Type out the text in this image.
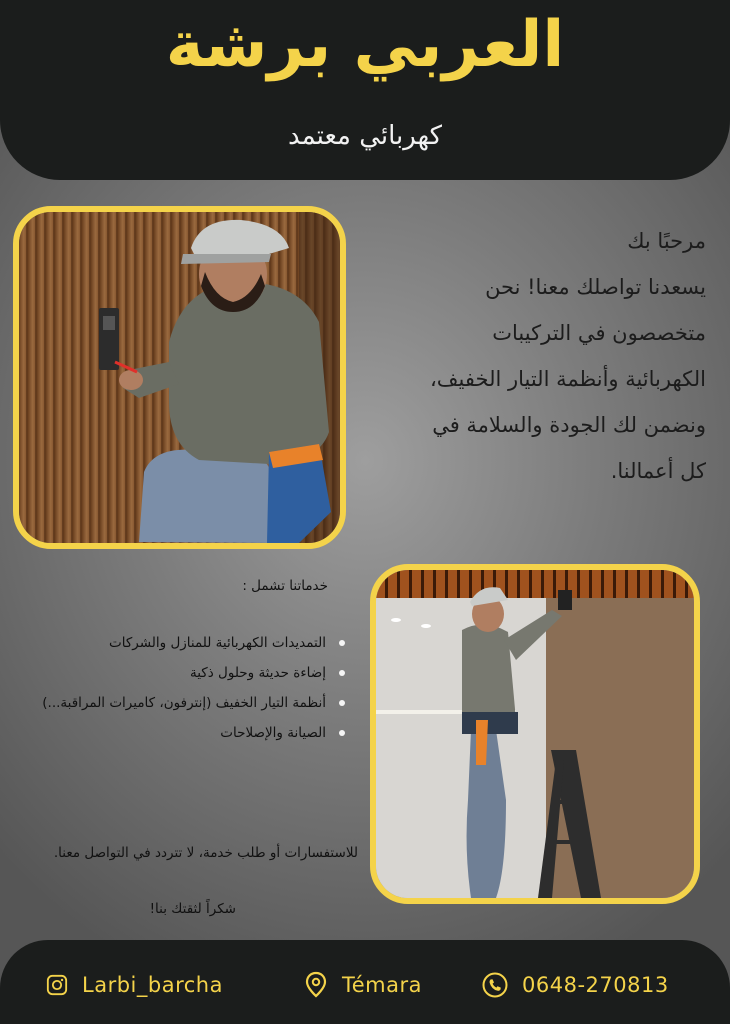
العربي برشة
كهربائي معتمد
مرحبًا بك
يسعدنا تواصلك معنا! نحن
متخصصون في التركيبات
الكهربائية وأنظمة التيار الخفيف،
ونضمن لك الجودة والسلامة في
كل أعمالنا.
خدماتنا تشمل :
التمديدات الكهربائية للمنازل والشركات
إضاءة حديثة وحلول ذكية
أنظمة التيار الخفيف (إنترفون، كاميرات المراقبة...)
الصيانة والإصلاحات
للاستفسارات أو طلب خدمة، لا تتردد في التواصل معنا.
شكراً لثقتك بنا!
Larbi_barcha	Témara	0648-270813
